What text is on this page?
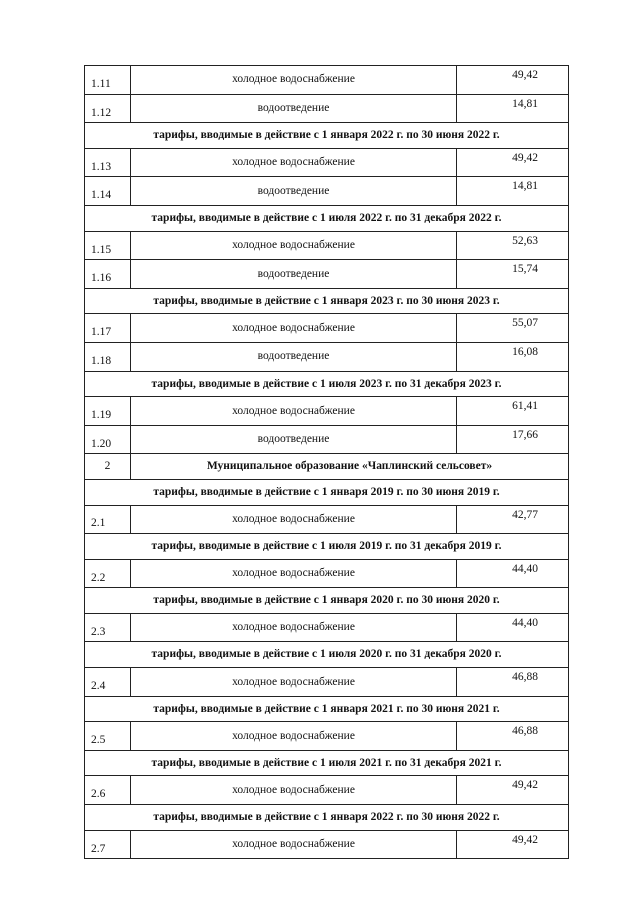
1.11	холодное водоснабжение	49,42
1.12	водоотведение	14,81
тарифы, вводимые в действие с 1 января 2022 г. по 30 июня 2022 г.		
1.13	холодное водоснабжение	49,42
1.14	водоотведение	14,81
тарифы, вводимые в действие с 1 июля 2022 г. по 31 декабря 2022 г.		
1.15	холодное водоснабжение	52,63
1.16	водоотведение	15,74
тарифы, вводимые в действие с 1 января 2023 г. по 30 июня 2023 г.		
1.17	холодное водоснабжение	55,07
1.18	водоотведение	16,08
тарифы, вводимые в действие с 1 июля 2023 г. по 31 декабря 2023 г.		
1.19	холодное водоснабжение	61,41
1.20	водоотведение	17,66
2	Муниципальное образование «Чаплинский сельсовет»	
тарифы, вводимые в действие с 1 января 2019 г. по 30 июня 2019 г.		
2.1	холодное водоснабжение	42,77
тарифы, вводимые в действие с 1 июля 2019 г. по 31 декабря 2019 г.		
2.2	холодное водоснабжение	44,40
тарифы, вводимые в действие с 1 января 2020 г. по 30 июня 2020 г.		
2.3	холодное водоснабжение	44,40
тарифы, вводимые в действие с 1 июля 2020 г. по 31 декабря 2020 г.		
2.4	холодное водоснабжение	46,88
тарифы, вводимые в действие с 1 января 2021 г. по 30 июня 2021 г.		
2.5	холодное водоснабжение	46,88
тарифы, вводимые в действие с 1 июля 2021 г. по 31 декабря 2021 г.		
2.6	холодное водоснабжение	49,42
тарифы, вводимые в действие с 1 января 2022 г. по 30 июня 2022 г.		
2.7	холодное водоснабжение	49,42
